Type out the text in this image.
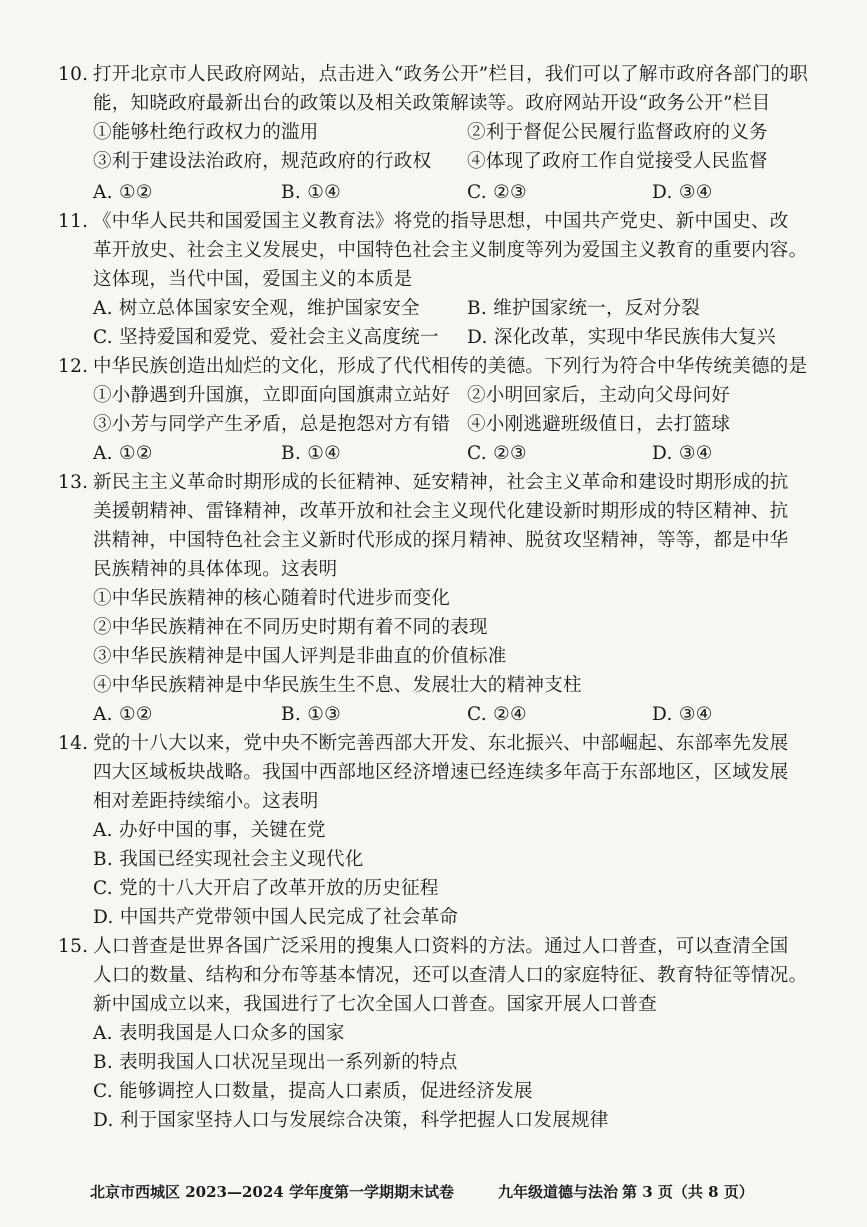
10. 打开北京市人民政府网站，点击进入“政务公开”栏目，我们可以了解市政府各部门的职
能，知晓政府最新出台的政策以及相关政策解读等。政府网站开设“政务公开”栏目
①能够杜绝行政权力的滥用	②利于督促公民履行监督政府的义务
③利于建设法治政府，规范政府的行政权 ④体现了政府工作自觉接受人民监督
A. ①②	B. ①④	C. ②③	D. ③④
11. 《中华人民共和国爱国主义教育法》将党的指导思想，中国共产党史、新中国史、改
革开放史、社会主义发展史，中国特色社会主义制度等列为爱国主义教育的重要内容。
这体现，当代中国，爱国主义的本质是
A. 树立总体国家安全观，维护国家安全	B. 维护国家统一，反对分裂
C. 坚持爱国和爱党、爱社会主义高度统一 D. 深化改革，实现中华民族伟大复兴
12. 中华民族创造出灿烂的文化，形成了代代相传的美德。下列行为符合中华传统美德的是
①小静遇到升国旗，立即面向国旗肃立站好 ②小明回家后，主动向父母问好
③小芳与同学产生矛盾，总是抱怨对方有错 ④小刚逃避班级值日，去打篮球
A. ①②	B. ①④	C. ②③	D. ③④
13. 新民主主义革命时期形成的长征精神、延安精神，社会主义革命和建设时期形成的抗
美援朝精神、雷锋精神，改革开放和社会主义现代化建设新时期形成的特区精神、抗
洪精神，中国特色社会主义新时代形成的探月精神、脱贫攻坚精神，等等，都是中华
民族精神的具体体现。这表明
①中华民族精神的核心随着时代进步而变化
②中华民族精神在不同历史时期有着不同的表现
③中华民族精神是中国人评判是非曲直的价值标准
④中华民族精神是中华民族生生不息、发展壮大的精神支柱
A. ①②	B. ①③	C. ②④	D. ③④
14. 党的十八大以来，党中央不断完善西部大开发、东北振兴、中部崛起、东部率先发展
四大区域板块战略。我国中西部地区经济增速已经连续多年高于东部地区，区域发展
相对差距持续缩小。这表明
A. 办好中国的事，关键在党
B. 我国已经实现社会主义现代化
C. 党的十八大开启了改革开放的历史征程
D. 中国共产党带领中国人民完成了社会革命
15. 人口普查是世界各国广泛采用的搜集人口资料的方法。通过人口普查，可以查清全国
人口的数量、结构和分布等基本情况，还可以查清人口的家庭特征、教育特征等情况。
新中国成立以来，我国进行了七次全国人口普查。国家开展人口普查
A. 表明我国是人口众多的国家
B. 表明我国人口状况呈现出一系列新的特点
C. 能够调控人口数量，提高人口素质，促进经济发展
D. 利于国家坚持人口与发展综合决策，科学把握人口发展规律
北京市西城区 2023—2024 学年度第一学期期末试卷	九年级道德与法治 第 3 页（共 8 页）
